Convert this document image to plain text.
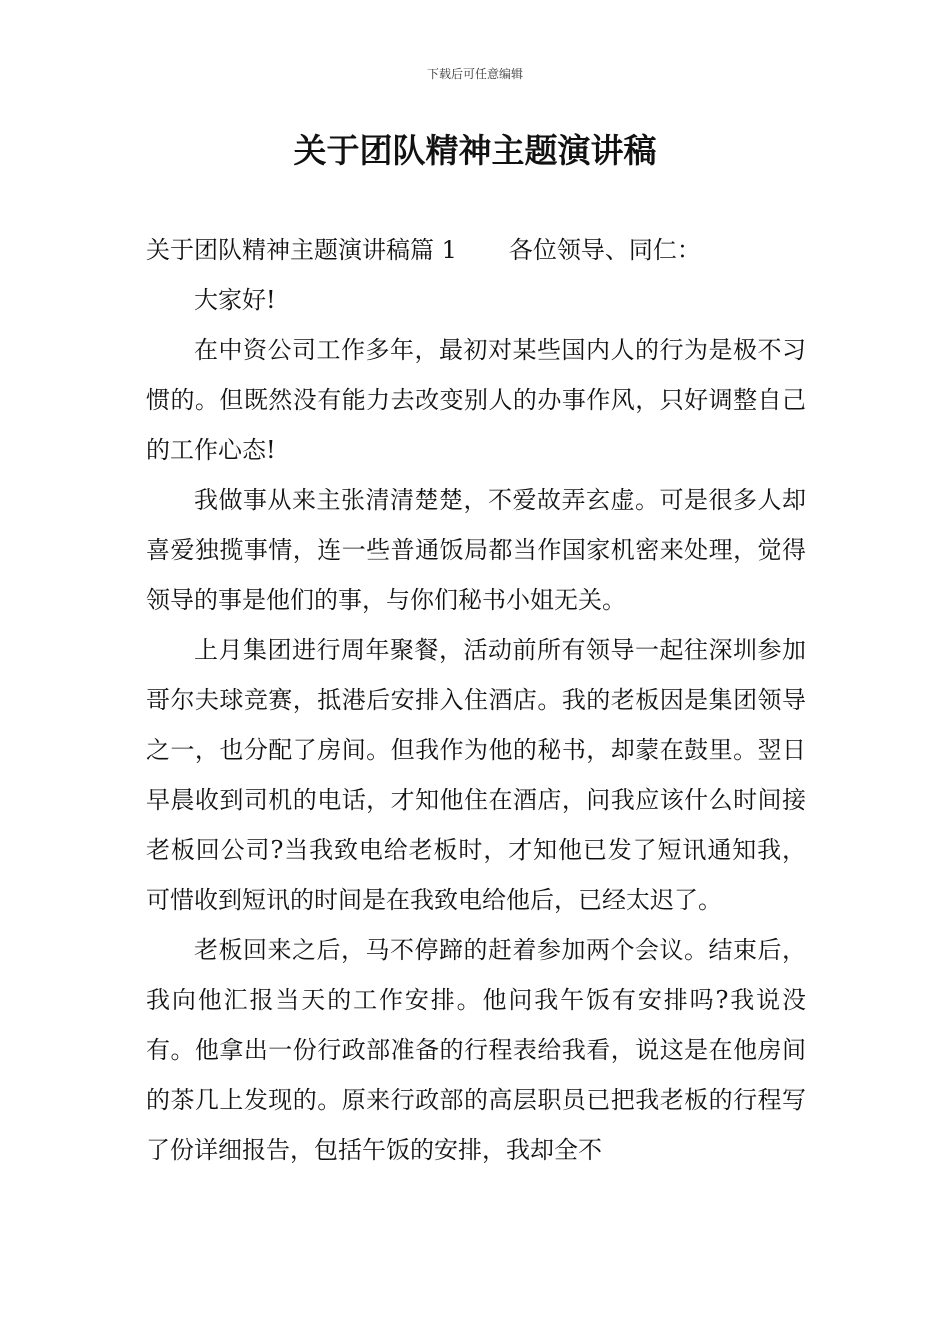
下载后可任意编辑
关于团队精神主题演讲稿

关于团队精神主题演讲稿篇 1 各位领导、同仁：

大家好!

在中资公司工作多年，最初对某些国内人的行为是极不习惯的。但既然没有能力去改变别人的办事作风，只好调整自己的工作心态!

我做事从来主张清清楚楚，不爱故弄玄虚。可是很多人却喜爱独揽事情，连一些普通饭局都当作国家机密来处理，觉得领导的事是他们的事，与你们秘书小姐无关。

上月集团进行周年聚餐，活动前所有领导一起往深圳参加哥尔夫球竞赛，抵港后安排入住酒店。我的老板因是集团领导之一，也分配了房间。但我作为他的秘书，却蒙在鼓里。翌日早晨收到司机的电话，才知他住在酒店，问我应该什么时间接老板回公司?当我致电给老板时，才知他已发了短讯通知我，可惜收到短讯的时间是在我致电给他后，已经太迟了。

老板回来之后，马不停蹄的赶着参加两个会议。结束后，我向他汇报当天的工作安排。他问我午饭有安排吗?我说没有。他拿出一份行政部准备的行程表给我看，说这是在他房间的茶几上发现的。原来行政部的高层职员已把我老板的行程写了份详细报告，包括午饭的安排，我却全不
